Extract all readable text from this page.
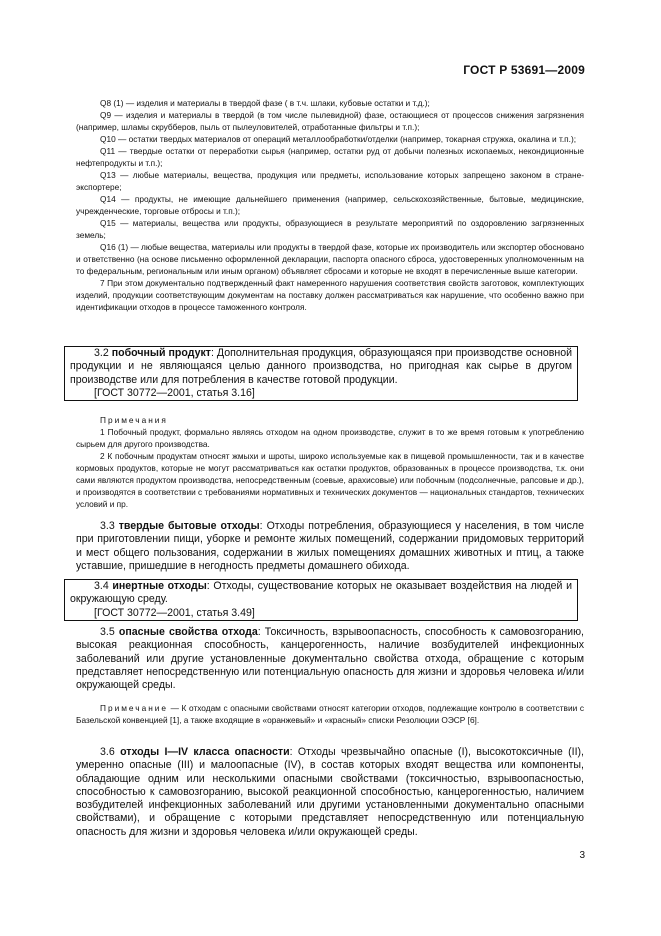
ГОСТ Р 53691—2009

Q8 (1) — изделия и материалы в твердой фазе ( в т.ч. шлаки, кубовые остатки и т.д.);

Q9 — изделия и материалы в твердой (в том числе пылевидной) фазе, остающиеся от процессов снижения загрязнения (например, шламы скрубберов, пыль от пылеуловителей, отработанные фильтры и т.п.);

Q10 — остатки твердых материалов от операций металлообработки/отделки (например, токарная стружка, окалина и т.п.);

Q11 — твердые остатки от переработки сырья (например, остатки руд от добычи полезных ископаемых, некондиционные нефтепродукты и т.п.);

Q13 — любые материалы, вещества, продукция или предметы, использование которых запрещено законом в стране-экспортере;

Q14 — продукты, не имеющие дальнейшего применения (например, сельскохозяйственные, бытовые, медицинские, учрежденческие, торговые отбросы и т.п.);

Q15 — материалы, вещества или продукты, образующиеся в результате мероприятий по оздоровлению загрязненных земель;

Q16 (1) — любые вещества, материалы или продукты в твердой фазе, которые их производитель или экспортер обосновано и ответственно (на основе письменно оформленной декларации, паспорта опасного сброса, удостоверенных уполномоченным на то федеральным, региональным или иным органом) объявляет сбросами и которые не входят в перечисленные выше категории.

7 При этом документально подтвержденный факт намеренного нарушения соответствия свойств заготовок, комплектующих изделий, продукции соответствующим документам на поставку должен рассматриваться как нарушение, что особенно важно при идентификации отходов в процессе таможенного контроля.

3.2 побочный продукт: Дополнительная продукция, образующаяся при производстве основной продукции и не являющаяся целью данного производства, но пригодная как сырье в другом производстве или для потребления в качестве готовой продукции.

[ГОСТ 30772—2001, статья 3.16]

Примечания

1 Побочный продукт, формально являясь отходом на одном производстве, служит в то же время готовым к употреблению сырьем для другого производства.

2 К побочным продуктам относят жмыхи и шроты, широко используемые как в пищевой промышленности, так и в качестве кормовых продуктов, которые не могут рассматриваться как остатки продуктов, образованных в процессе производства, т.к. они сами являются продуктом производства, непосредственным (соевые, арахисовые) или побочным (подсолнечные, рапсовые и др.), и производятся в соответствии с требованиями нормативных и технических документов — национальных стандартов, технических условий и пр.

3.3 твердые бытовые отходы: Отходы потребления, образующиеся у населения, в том числе при приготовлении пищи, уборке и ремонте жилых помещений, содержании придомовых территорий и мест общего пользования, содержании в жилых помещениях домашних животных и птиц, а также уставшие, пришедшие в негодность предметы домашнего обихода.

3.4 инертные отходы: Отходы, существование которых не оказывает воздействия на людей и окружающую среду.

[ГОСТ 30772—2001, статья 3.49]

3.5 опасные свойства отхода: Токсичность, взрывоопасность, способность к самовозгоранию, высокая реакционная способность, канцерогенность, наличие возбудителей инфекционных заболеваний или другие установленные документально свойства отхода, обращение с которым представляет непосредственную или потенциальную опасность для жизни и здоровья человека и/или окружающей среды.

Примечание — К отходам с опасными свойствами относят категории отходов, подлежащие контролю в соответствии с Базельской конвенцией [1], а также входящие в «оранжевый» и «красный» списки Резолюции ОЭСР [6].

3.6 отходы I—IV класса опасности: Отходы чрезвычайно опасные (I), высокотоксичные (II), умеренно опасные (III) и малоопасные (IV), в состав которых входят вещества или компоненты, обладающие одним или несколькими опасными свойствами (токсичностью, взрывоопасностью, способностью к самовозгоранию, высокой реакционной способностью, канцерогенностью, наличием возбудителей инфекционных заболеваний или другими установленными документально опасными свойствами), и обращение с которыми представляет непосредственную или потенциальную опасность для жизни и здоровья человека и/или окружающей среды.

3
